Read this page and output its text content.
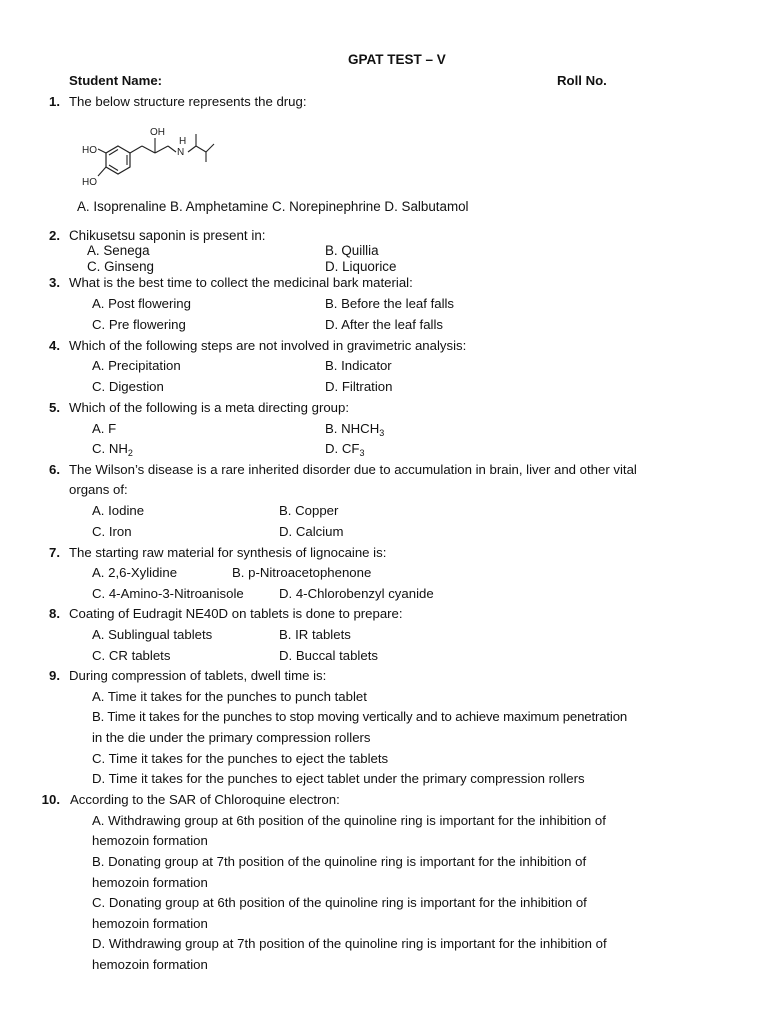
GPAT TEST – V
Student Name:	Roll No.
1. The below structure represents the drug:
OH
H
N
HO
HO
A. Isoprenaline B. Amphetamine C. Norepinephrine D. Salbutamol
2. Chikusetsu saponin is present in:
A. Senega	B. Quillia
C. Ginseng	D. Liquorice
3. What is the best time to collect the medicinal bark material:
A. Post flowering	B. Before the leaf falls
C. Pre flowering	D. After the leaf falls
4. Which of the following steps are not involved in gravimetric analysis:
A. Precipitation	B. Indicator
C. Digestion	D. Filtration
5. Which of the following is a meta directing group:
A. F	B. $NHCH_3$
C. $NH_2$	D. $CF_3$
6. The Wilson’s disease is a rare inherited disorder due to accumulation in brain, liver and other vital
organs of:
A. Iodine	B. Copper
C. Iron	D. Calcium
7. The starting raw material for synthesis of lignocaine is:
A. 2,6-Xylidine	B. p-Nitroacetophenone
C. 4-Amino-3-Nitroanisole	D. 4-Chlorobenzyl cyanide
8. Coating of Eudragit NE40D on tablets is done to prepare:
A. Sublingual tablets	B. IR tablets
C. CR tablets	D. Buccal tablets
9. During compression of tablets, dwell time is:
A. Time it takes for the punches to punch tablet
B. Time it takes for the punches to stop moving vertically and to achieve maximum penetration
in the die under the primary compression rollers
C. Time it takes for the punches to eject the tablets
D. Time it takes for the punches to eject tablet under the primary compression rollers
10. According to the SAR of Chloroquine electron:
A. Withdrawing group at 6th position of the quinoline ring is important for the inhibition of
hemozoin formation
B. Donating group at 7th position of the quinoline ring is important for the inhibition of
hemozoin formation
C. Donating group at 6th position of the quinoline ring is important for the inhibition of
hemozoin formation
D. Withdrawing group at 7th position of the quinoline ring is important for the inhibition of
hemozoin formation
